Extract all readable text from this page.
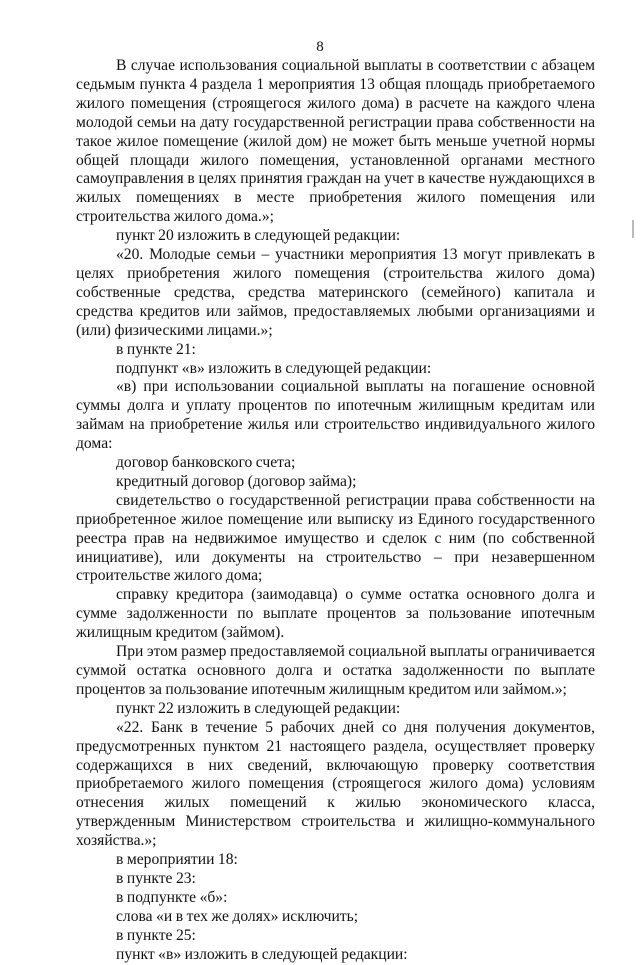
8

В случае использования социальной выплаты в соответствии с абзацем седьмым пункта 4 раздела 1 мероприятия 13 общая площадь приобретаемого жилого помещения (строящегося жилого дома) в расчете на каждого члена молодой семьи на дату государственной регистрации права собственности на такое жилое помещение (жилой дом) не может быть меньше учетной нормы общей площади жилого помещения, установленной органами местного самоуправления в целях принятия граждан на учет в качестве нуждающихся в жилых помещениях в месте приобретения жилого помещения или строительства жилого дома.»;

пункт 20 изложить в следующей редакции:

«20. Молодые семьи – участники мероприятия 13 могут привлекать в целях приобретения жилого помещения (строительства жилого дома) собственные средства, средства материнского (семейного) капитала и средства кредитов или займов, предоставляемых любыми организациями и (или) физическими лицами.»;

в пункте 21:

подпункт «в» изложить в следующей редакции:

«в) при использовании социальной выплаты на погашение основной суммы долга и уплату процентов по ипотечным жилищным кредитам или займам на приобретение жилья или строительство индивидуального жилого дома:

договор банковского счета;

кредитный договор (договор займа);

свидетельство о государственной регистрации права собственности на приобретенное жилое помещение или выписку из Единого государственного реестра прав на недвижимое имущество и сделок с ним (по собственной инициативе), или документы на строительство – при незавершенном строительстве жилого дома;

справку кредитора (заимодавца) о сумме остатка основного долга и сумме задолженности по выплате процентов за пользование ипотечным жилищным кредитом (займом).

При этом размер предоставляемой социальной выплаты ограничивается суммой остатка основного долга и остатка задолженности по выплате процентов за пользование ипотечным жилищным кредитом или займом.»;

пункт 22 изложить в следующей редакции:

«22. Банк в течение 5 рабочих дней со дня получения документов, предусмотренных пунктом 21 настоящего раздела, осуществляет проверку содержащихся в них сведений, включающую проверку соответствия приобретаемого жилого помещения (строящегося жилого дома) условиям отнесения жилых помещений к жилью экономического класса, утвержденным Министерством строительства и жилищно-коммунального хозяйства.»;

в мероприятии 18:

в пункте 23:

в подпункте «б»:

слова «и в тех же долях» исключить;

в пункте 25:

пункт «в» изложить в следующей редакции:
